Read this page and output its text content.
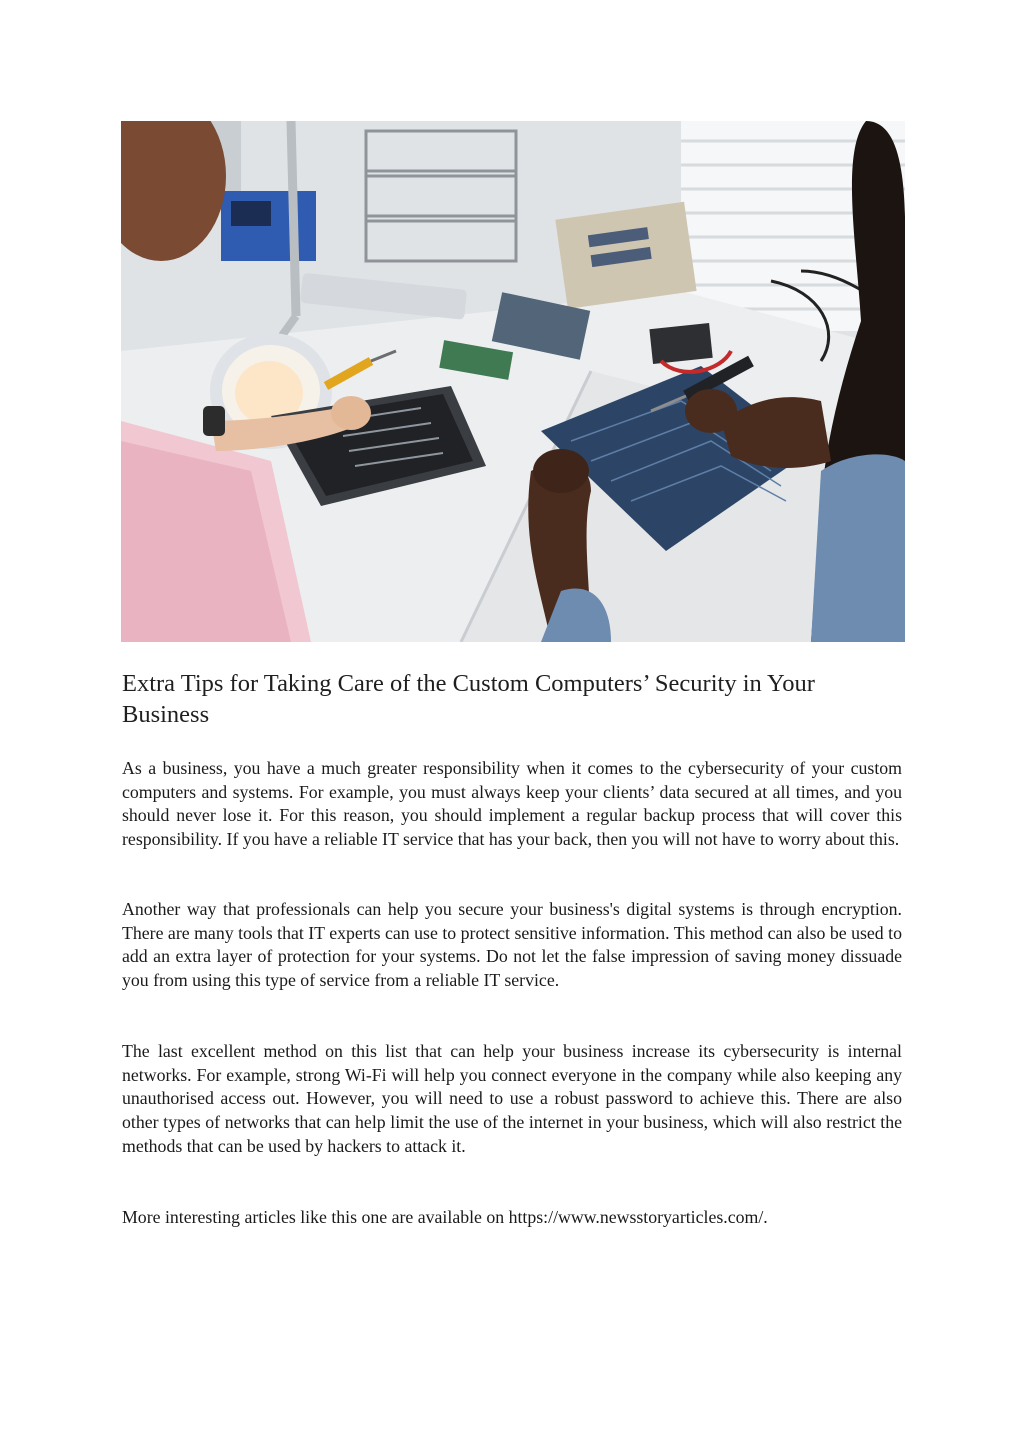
Extra Tips for Taking Care of the Custom Computers’ Security in Your Business

As a business, you have a much greater responsibility when it comes to the cybersecurity of your custom computers and systems. For example, you must always keep your clients’ data secured at all times, and you should never lose it. For this reason, you should implement a regular backup process that will cover this responsibility. If you have a reliable IT service that has your back, then you will not have to worry about this.

Another way that professionals can help you secure your business's digital systems is through encryption. There are many tools that IT experts can use to protect sensitive information. This method can also be used to add an extra layer of protection for your systems. Do not let the false impression of saving money dissuade you from using this type of service from a reliable IT service.

The last excellent method on this list that can help your business increase its cybersecurity is internal networks. For example, strong Wi-Fi will help you connect everyone in the company while also keeping any unauthorised access out. However, you will need to use a robust password to achieve this. There are also other types of networks that can help limit the use of the internet in your business, which will also restrict the methods that can be used by hackers to attack it.

More interesting articles like this one are available on https://www.newsstoryarticles.com/.
